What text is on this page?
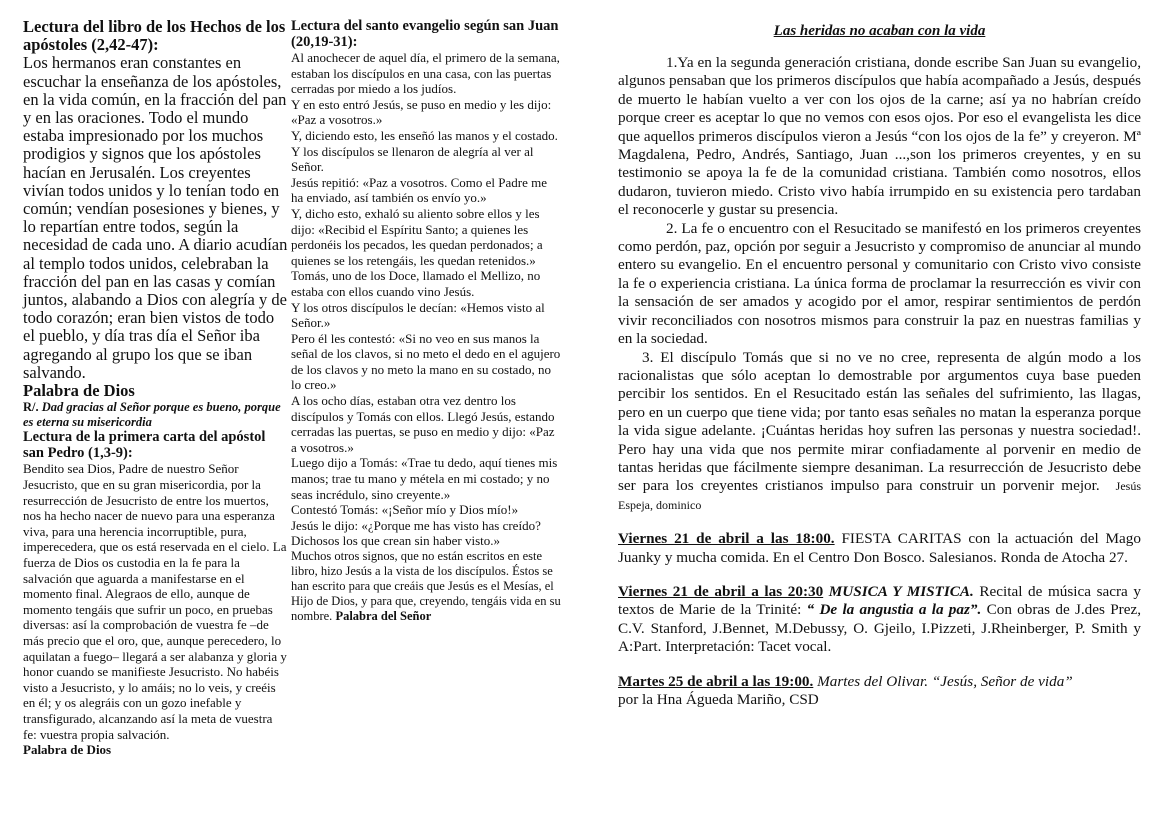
Lectura del libro de los Hechos de los apóstoles (2,42-47):

Los hermanos eran constantes en escuchar la enseñanza de los apóstoles, en la vida común, en la fracción del pan y en las oraciones. Todo el mundo estaba impresionado por los muchos prodigios y signos que los apóstoles hacían en Jerusalén. Los creyentes vivían todos unidos y lo tenían todo en común; vendían posesiones y bienes, y lo repartían entre todos, según la necesidad de cada uno. A diario acudían al templo todos unidos, celebraban la fracción del pan en las casas y comían juntos, alabando a Dios con alegría y de todo corazón; eran bien vistos de todo el pueblo, y día tras día el Señor iba agregando al grupo los que se iban salvando.

Palabra de Dios

R/. Dad gracias al Señor porque es bueno, porque es eterna su misericordia

Lectura de la primera carta del apóstol san Pedro (1,3-9):

Bendito sea Dios, Padre de nuestro Señor Jesucristo, que en su gran misericordia, por la resurrección de Jesucristo de entre los muertos, nos ha hecho nacer de nuevo para una esperanza viva, para una herencia incorruptible, pura, imperecedera, que os está reservada en el cielo. La fuerza de Dios os custodia en la fe para la salvación que aguarda a manifestarse en el momento final. Alegraos de ello, aunque de momento tengáis que sufrir un poco, en pruebas diversas: así la comprobación de vuestra fe –de más precio que el oro, que, aunque perecedero, lo aquilatan a fuego– llegará a ser alabanza y gloria y honor cuando se manifieste Jesucristo. No habéis visto a Jesucristo, y lo amáis; no lo veis, y creéis en él; y os alegráis con un gozo inefable y transfigurado, alcanzando así la meta de vuestra fe: vuestra propia salvación.

Palabra de Dios

Lectura del santo evangelio según san Juan (20,19-31):

Al anochecer de aquel día, el primero de la semana, estaban los discípulos en una casa, con las puertas cerradas por miedo a los judíos.

Y en esto entró Jesús, se puso en medio y les dijo: «Paz a vosotros.»

Y, diciendo esto, les enseñó las manos y el costado. Y los discípulos se llenaron de alegría al ver al Señor.

Jesús repitió: «Paz a vosotros. Como el Padre me ha enviado, así también os envío yo.»

Y, dicho esto, exhaló su aliento sobre ellos y les dijo: «Recibid el Espíritu Santo; a quienes les perdonéis los pecados, les quedan perdonados; a quienes se los retengáis, les quedan retenidos.»

Tomás, uno de los Doce, llamado el Mellizo, no estaba con ellos cuando vino Jesús.

Y los otros discípulos le decían: «Hemos visto al Señor.»

Pero él les contestó: «Si no veo en sus manos la señal de los clavos, si no meto el dedo en el agujero de los clavos y no meto la mano en su costado, no lo creo.»

A los ocho días, estaban otra vez dentro los discípulos y Tomás con ellos. Llegó Jesús, estando cerradas las puertas, se puso en medio y dijo: «Paz a vosotros.»

Luego dijo a Tomás: «Trae tu dedo, aquí tienes mis manos; trae tu mano y métela en mi costado; y no seas incrédulo, sino creyente.»

Contestó Tomás: «¡Señor mío y Dios mío!»

Jesús le dijo: «¿Porque me has visto has creído? Dichosos los que crean sin haber visto.»

Muchos otros signos, que no están escritos en este libro, hizo Jesús a la vista de los discípulos. Éstos se han escrito para que creáis que Jesús es el Mesías, el Hijo de Dios, y para que, creyendo, tengáis vida en su nombre. Palabra del Señor

Las heridas no acaban con la vida

1.Ya en la segunda generación cristiana, donde escribe San Juan su evangelio, algunos pensaban que los primeros discípulos que había acompañado a Jesús, después de muerto le habían vuelto a ver con los ojos de la carne; así ya no habrían creído porque creer es aceptar lo que no vemos con esos ojos. Por eso el evangelista les dice que aquellos primeros discípulos vieron a Jesús “con los ojos de la fe” y creyeron. Mª Magdalena, Pedro, Andrés, Santiago, Juan ...,son los primeros creyentes, y en su testimonio se apoya la fe de la comunidad cristiana. También como nosotros, ellos dudaron, tuvieron miedo. Cristo vivo había irrumpido en su existencia pero tardaban el reconocerle y gustar su presencia.

2. La fe o encuentro con el Resucitado se manifestó en los primeros creyentes como perdón, paz, opción por seguir a Jesucristo y compromiso de anunciar al mundo entero su evangelio. En el encuentro personal y comunitario con Cristo vivo consiste la fe o experiencia cristiana. La única forma de proclamar la resurrección es vivir con la sensación de ser amados y acogido por el amor, respirar sentimientos de perdón vivir reconciliados con nosotros mismos para construir la paz en nuestras familias y en la sociedad.

3. El discípulo Tomás que si no ve no cree, representa de algún modo a los racionalistas que sólo aceptan lo demostrable por argumentos cuya base pueden percibir los sentidos. En el Resucitado están las señales del sufrimiento, las llagas, pero en un cuerpo que tiene vida; por tanto esas señales no matan la esperanza porque la vida sigue adelante. ¡Cuántas heridas hoy sufren las personas y nuestra sociedad!. Pero hay una vida que nos permite mirar confiadamente al porvenir en medio de tantas heridas que fácilmente siempre desaniman. La resurrección de Jesucristo debe ser para los creyentes cristianos impulso para construir un porvenir mejor. Jesús Espeja, dominico

Viernes 21 de abril a las 18:00. FIESTA CARITAS con la actuación del Mago Juanky y mucha comida. En el Centro Don Bosco. Salesianos. Ronda de Atocha 27.

Viernes 21 de abril a las 20:30 MUSICA Y MISTICA. Recital de música sacra y textos de Marie de la Trinité: “ De la angustia a la paz”. Con obras de J.des Prez, C.V. Stanford, J.Bennet, M.Debussy, O. Gjeilo, I.Pizzeti, J.Rheinberger, P. Smith y A:Part. Interpretación: Tacet vocal.

Martes 25 de abril a las 19:00. Martes del Olivar. “Jesús, Señor de vida”
por la Hna Águeda Mariño, CSD
